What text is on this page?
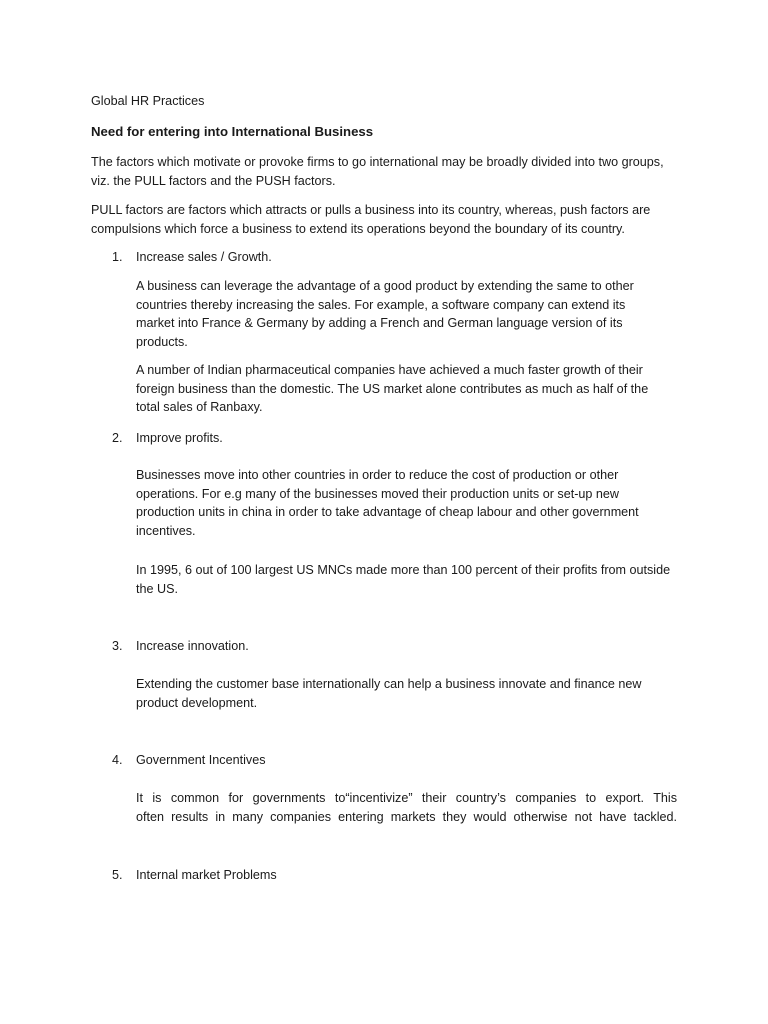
Global HR Practices

Need for entering into International Business

The factors which motivate or provoke firms to go international may be broadly divided into two groups,
viz. the PULL factors and the PUSH factors.

PULL factors are factors which attracts or pulls a business into its country, whereas, push factors are
compulsions which force a business to extend its operations beyond the boundary of its country.

1. Increase sales / Growth.
A business can leverage the advantage of a good product by extending the same to other
countries thereby increasing the sales. For example, a software company can extend its
market into France & Germany by adding a French and German language version of its
products.
A number of Indian pharmaceutical companies have achieved a much faster growth of their
foreign business than the domestic. The US market alone contributes as much as half of the
total sales of Ranbaxy.
2. Improve profits.
Businesses move into other countries in order to reduce the cost of production or other
operations. For e.g many of the businesses moved their production units or set-up new
production units in china in order to take advantage of cheap labour and other government
incentives.
In 1995, 6 out of 100 largest US MNCs made more than 100 percent of their profits from outside
the US.
3. Increase innovation.
Extending the customer base internationally can help a business innovate and finance new
product development.
4. Government Incentives
It is common for governments to“incentivize” their country’s companies to export. This
often results in many companies entering markets they would otherwise not have tackled.
5. Internal market Problems
